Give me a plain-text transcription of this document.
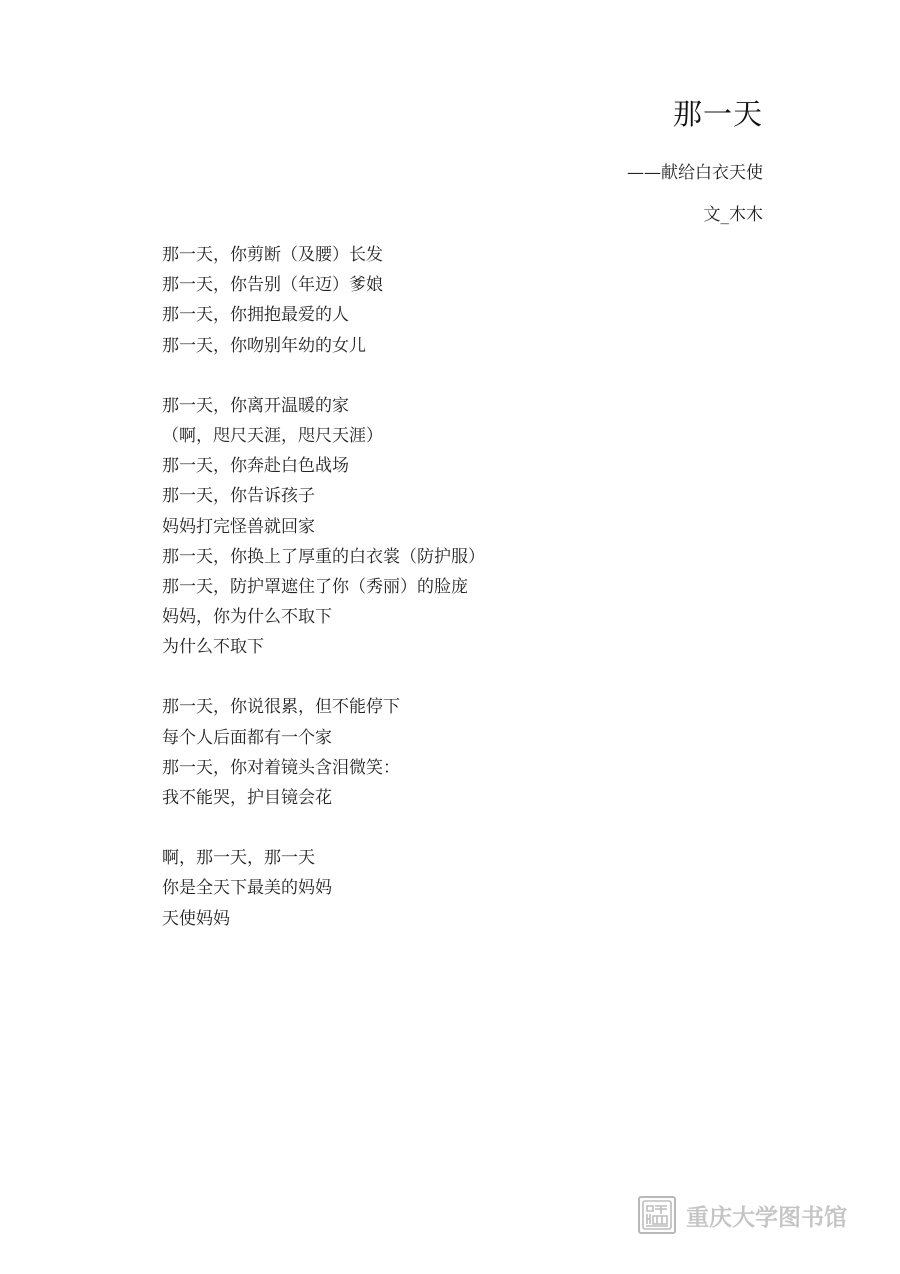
那一天
——献给白衣天使
文_木木
那一天，你剪断（及腰）长发
那一天，你告别（年迈）爹娘
那一天，你拥抱最爱的人
那一天，你吻别年幼的女儿
那一天，你离开温暖的家
（啊，咫尺天涯，咫尺天涯）
那一天，你奔赴白色战场
那一天，你告诉孩子
妈妈打完怪兽就回家
那一天，你换上了厚重的白衣裳（防护服）
那一天，防护罩遮住了你（秀丽）的脸庞
妈妈，你为什么不取下
为什么不取下
那一天，你说很累，但不能停下
每个人后面都有一个家
那一天，你对着镜头含泪微笑：
我不能哭，护目镜会花
啊，那一天，那一天
你是全天下最美的妈妈
天使妈妈
重庆大学图书馆
